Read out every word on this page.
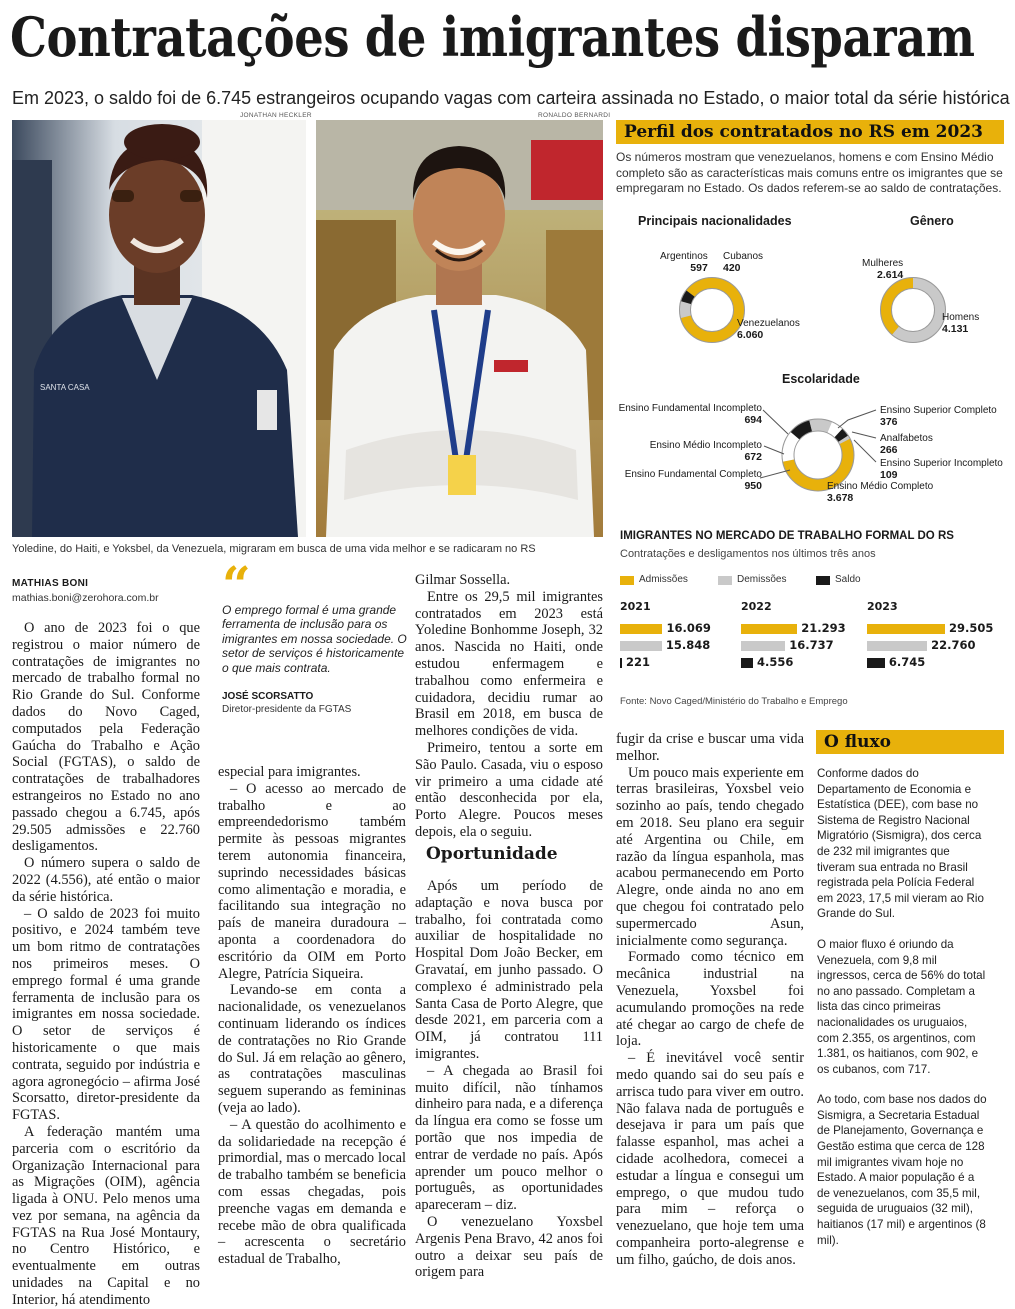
Contratações de imigrantes disparam
Em 2023, o saldo foi de 6.745 estrangeiros ocupando vagas com carteira assinada no Estado, o maior total da série histórica
JONATHAN HECKLER	RONALDO BERNARDI
SANTA CASA
Yoledine, do Haiti, e Yoksbel, da Venezuela, migraram em busca de uma vida melhor e se radicaram no RS
MATHIAS BONI
mathias.boni@zerohora.com.br

O ano de 2023 foi o que registrou o maior número de contratações de imigrantes no mercado de trabalho formal no Rio Grande do Sul. Conforme dados do Novo Caged, computados pela Federação Gaúcha do Trabalho e Ação Social (FGTAS), o saldo de contratações de trabalhadores estrangeiros no Estado no ano passado chegou a 6.745, após 29.505 admissões e 22.760 desligamentos.

O número supera o saldo de 2022 (4.556), até então o maior da série histórica.

– O saldo de 2023 foi muito positivo, e 2024 também teve um bom ritmo de contratações nos primeiros meses. O emprego formal é uma grande ferramenta de inclusão para os imigrantes em nossa sociedade. O setor de serviços é historicamente o que mais contrata, seguido por indústria e agora agronegócio – afirma José Scorsatto, diretor-presidente da FGTAS.

A federação mantém uma parceria com o escritório da Organização Internacional para as Migrações (OIM), agência ligada à ONU. Pelo menos uma vez por semana, na agência da FGTAS na Rua José Montaury, no Centro Histórico, e eventualmente em outras unidades na Capital e no Interior, há atendimento

“
O emprego formal é uma grande ferramenta de inclusão para os imigrantes em nossa sociedade. O setor de serviços é historicamente o que mais contrata.
JOSÉ SCORSATTO
Diretor-presidente da FGTAS

especial para imigrantes.

– O acesso ao mercado de trabalho e ao empreendedorismo também permite às pessoas migrantes terem autonomia financeira, suprindo necessidades básicas como alimentação e moradia, e facilitando sua integração no país de maneira duradoura – aponta a coordenadora do escritório da OIM em Porto Alegre, Patrícia Siqueira.

Levando-se em conta a nacionalidade, os venezuelanos continuam liderando os índices de contratações no Rio Grande do Sul. Já em relação ao gênero, as contratações masculinas seguem superando as femininas (veja ao lado).

– A questão do acolhimento e da solidariedade na recepção é primordial, mas o mercado local de trabalho também se beneficia com essas chegadas, pois preenche vagas em demanda e recebe mão de obra qualificada – acrescenta o secretário estadual de Trabalho,

Gilmar Sossella.

Entre os 29,5 mil imigrantes contratados em 2023 está Yoledine Bonhomme Joseph, 32 anos. Nascida no Haiti, onde estudou enfermagem e trabalhou como enfermeira e cuidadora, decidiu rumar ao Brasil em 2018, em busca de melhores condições de vida.

Primeiro, tentou a sorte em São Paulo. Casada, viu o esposo vir primeiro a uma cidade até então desconhecida por ela, Porto Alegre. Poucos meses depois, ela o seguiu.

Oportunidade

Após um período de adaptação e nova busca por trabalho, foi contratada como auxiliar de hospitalidade no Hospital Dom João Becker, em Gravataí, em junho passado. O complexo é administrado pela Santa Casa de Porto Alegre, que desde 2021, em parceria com a OIM, já contratou 111 imigrantes.

– A chegada ao Brasil foi muito difícil, não tínhamos dinheiro para nada, e a diferença da língua era como se fosse um portão que nos impedia de entrar de verdade no país. Após aprender um pouco melhor o português, as oportunidades apareceram – diz.

O venezuelano Yoxsbel Argenis Pena Bravo, 42 anos foi outro a deixar seu país de origem para

fugir da crise e buscar uma vida melhor.

Um pouco mais experiente em terras brasileiras, Yoxsbel veio sozinho ao país, tendo chegado em 2018. Seu plano era seguir até Argentina ou Chile, em razão da língua espanhola, mas acabou permanecendo em Porto Alegre, onde ainda no ano em que chegou foi contratado pelo supermercado Asun, inicialmente como segurança.

Formado como técnico em mecânica industrial na Venezuela, Yoxsbel foi acumulando promoções na rede até chegar ao cargo de chefe de loja.

– É inevitável você sentir medo quando sai do seu país e arrisca tudo para viver em outro. Não falava nada de português e desejava ir para um país que falasse espanhol, mas achei a cidade acolhedora, comecei a estudar a língua e consegui um emprego, o que mudou tudo para mim – reforça o venezuelano, que hoje tem uma companheira porto-alegrense e um filho, gaúcho, de dois anos.

Perfil dos contratados no RS em 2023
Os números mostram que venezuelanos, homens e com Ensino Médio completo são as características mais comuns entre os imigrantes que se empregaram no Estado. Os dados referem-se ao saldo de contratações.
Principais nacionalidades	Gênero
Escolaridade
Argentinos
597
Cubanos
420
Venezuelanos
6.060
Mulheres
2.614
Homens
4.131
Ensino Fundamental Incompleto
694
Ensino Médio Incompleto
672
Ensino Fundamental Completo
950	Ensino Médio Completo
3.678
Ensino Superior Completo
376
Analfabetos
266
Ensino Superior Incompleto
109
IMIGRANTES NO MERCADO DE TRABALHO FORMAL DO RS
Contratações e desligamentos nos últimos três anos
Admissões	Demissões	Saldo
2021
16.069
15.848
221
2022
21.293
16.737
4.556
2023
29.505
22.760
6.745
Fonte: Novo Caged/Ministério do Trabalho e Emprego
O fluxo

Conforme dados do Departamento de Economia e Estatística (DEE), com base no Sistema de Registro Nacional Migratório (Sismigra), dos cerca de 232 mil imigrantes que tiveram sua entrada no Brasil registrada pela Polícia Federal em 2023, 17,5 mil vieram ao Rio Grande do Sul.

O maior fluxo é oriundo da Venezuela, com 9,8 mil ingressos, cerca de 56% do total no ano passado. Completam a lista das cinco primeiras nacionalidades os uruguaios, com 2.355, os argentinos, com 1.381, os haitianos, com 902, e os cubanos, com 717.

Ao todo, com base nos dados do Sismigra, a Secretaria Estadual de Planejamento, Governança e Gestão estima que cerca de 128 mil imigrantes vivam hoje no Estado. A maior população é a de venezuelanos, com 35,5 mil, seguida de uruguaios (32 mil), haitianos (17 mil) e argentinos (8 mil).
